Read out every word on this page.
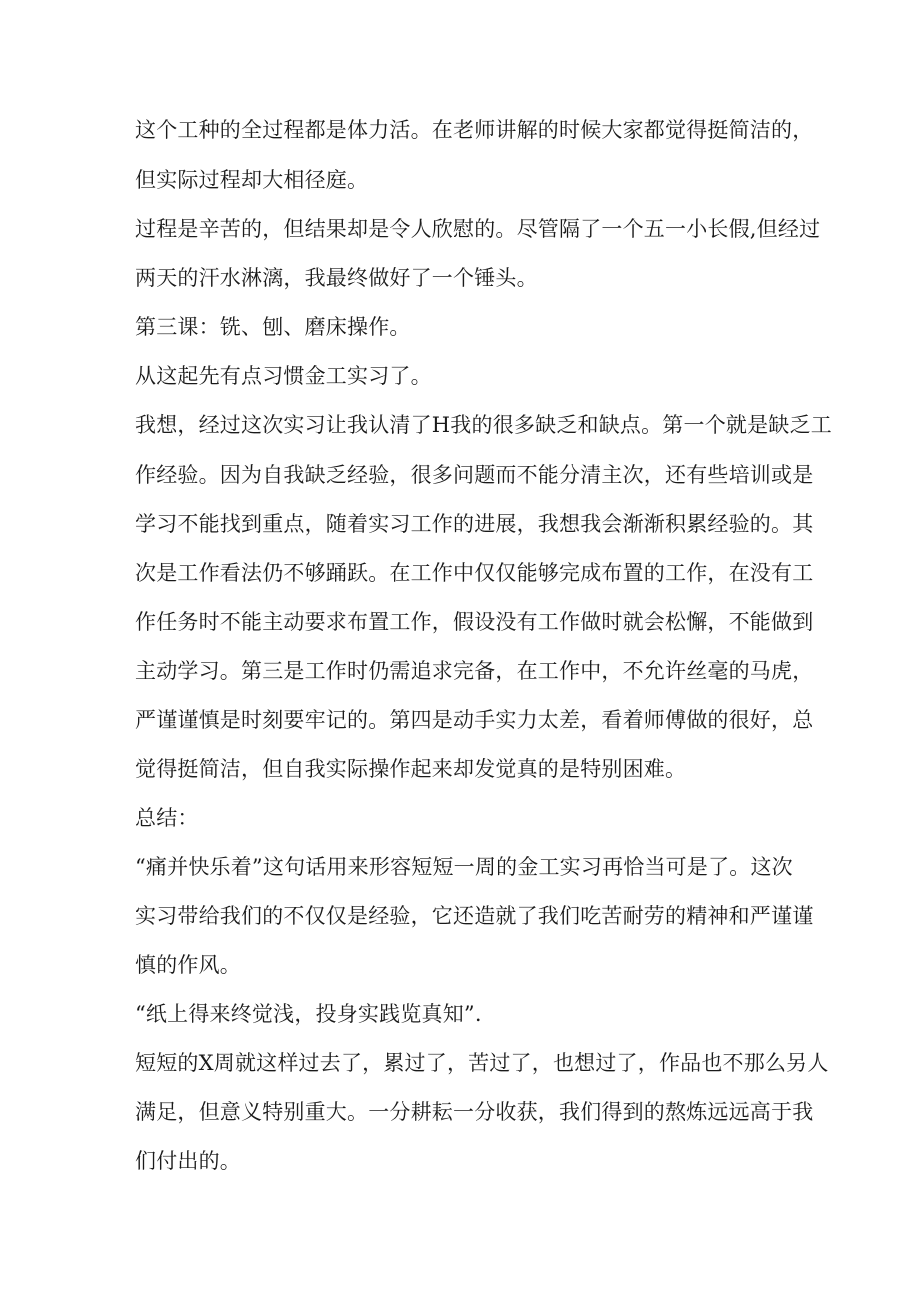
这个工种的全过程都是体力活。在老师讲解的时候大家都觉得挺简洁的，
但实际过程却大相径庭。
过程是辛苦的，但结果却是令人欣慰的。尽管隔了一个五一小长假,但经过
两天的汗水淋漓，我最终做好了一个锤头。
第三课：铣、刨、磨床操作。
从这起先有点习惯金工实习了。
我想，经过这次实习让我认清了H我的很多缺乏和缺点。第一个就是缺乏工
作经验。因为自我缺乏经验，很多问题而不能分清主次，还有些培训或是
学习不能找到重点，随着实习工作的进展，我想我会渐渐积累经验的。其
次是工作看法仍不够踊跃。在工作中仅仅能够完成布置的工作，在没有工
作任务时不能主动要求布置工作，假设没有工作做时就会松懈，不能做到
主动学习。第三是工作时仍需追求完备，在工作中，不允许丝毫的马虎，
严谨谨慎是时刻要牢记的。第四是动手实力太差，看着师傅做的很好，总
觉得挺简洁，但自我实际操作起来却发觉真的是特别困难。
总结：
“痛并快乐着”这句话用来形容短短一周的金工实习再恰当可是了。这次
实习带给我们的不仅仅是经验，它还造就了我们吃苦耐劳的精神和严谨谨
慎的作风。
“纸上得来终觉浅，投身实践览真知”.
短短的X周就这样过去了，累过了，苦过了，也想过了，作品也不那么另人
满足，但意义特别重大。一分耕耘一分收获，我们得到的熬炼远远高于我
们付出的。
